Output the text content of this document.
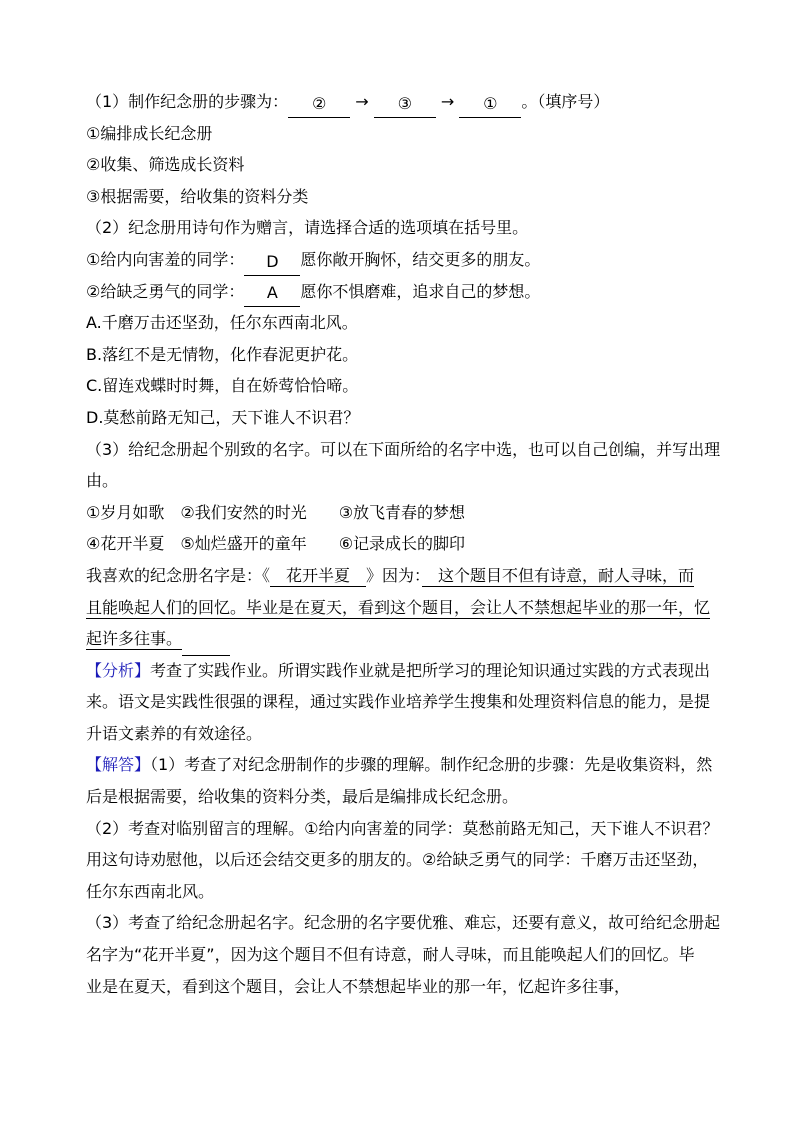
（1）制作纪念册的步骤为： ② → ③ → ① 。（填序号）
①编排成长纪念册
②收集、筛选成长资料
③根据需要，给收集的资料分类
（2）纪念册用诗句作为赠言，请选择合适的选项填在括号里。
①给内向害羞的同学： D 愿你敞开胸怀，结交更多的朋友。
②给缺乏勇气的同学： A 愿你不惧磨难，追求自己的梦想。
A.千磨万击还坚劲，任尔东西南北风。
B.落红不是无情物，化作春泥更护花。
C.留连戏蝶时时舞，自在娇莺恰恰啼。
D.莫愁前路无知己，天下谁人不识君？
（3）给纪念册起个别致的名字。可以在下面所给的名字中选，也可以自己创编，并写出理
由。
①岁月如歌　②我们安然的时光　　③放飞青春的梦想
④花开半夏　⑤灿烂盛开的童年　　⑥记录成长的脚印
我喜欢的纪念册名字是：《　花开半夏　》因为：　这个题目不但有诗意，耐人寻味，而
且能唤起人们的回忆。毕业是在夏天，看到这个题目，会让人不禁想起毕业的那一年，忆
起许多往事。
【分析】考查了实践作业。所谓实践作业就是把所学习的理论知识通过实践的方式表现出
来。语文是实践性很强的课程，通过实践作业培养学生搜集和处理资料信息的能力，是提
升语文素养的有效途径。
【解答】（1）考查了对纪念册制作的步骤的理解。制作纪念册的步骤：先是收集资料，然
后是根据需要，给收集的资料分类，最后是编排成长纪念册。
（2）考查对临别留言的理解。①给内向害羞的同学：莫愁前路无知己，天下谁人不识君？
用这句诗劝慰他，以后还会结交更多的朋友的。②给缺乏勇气的同学：千磨万击还坚劲，
任尔东西南北风。
（3）考查了给纪念册起名字。纪念册的名字要优雅、难忘，还要有意义，故可给纪念册起
名字为“花开半夏”，因为这个题目不但有诗意，耐人寻味，而且能唤起人们的回忆。毕
业是在夏天，看到这个题目，会让人不禁想起毕业的那一年，忆起许多往事，
